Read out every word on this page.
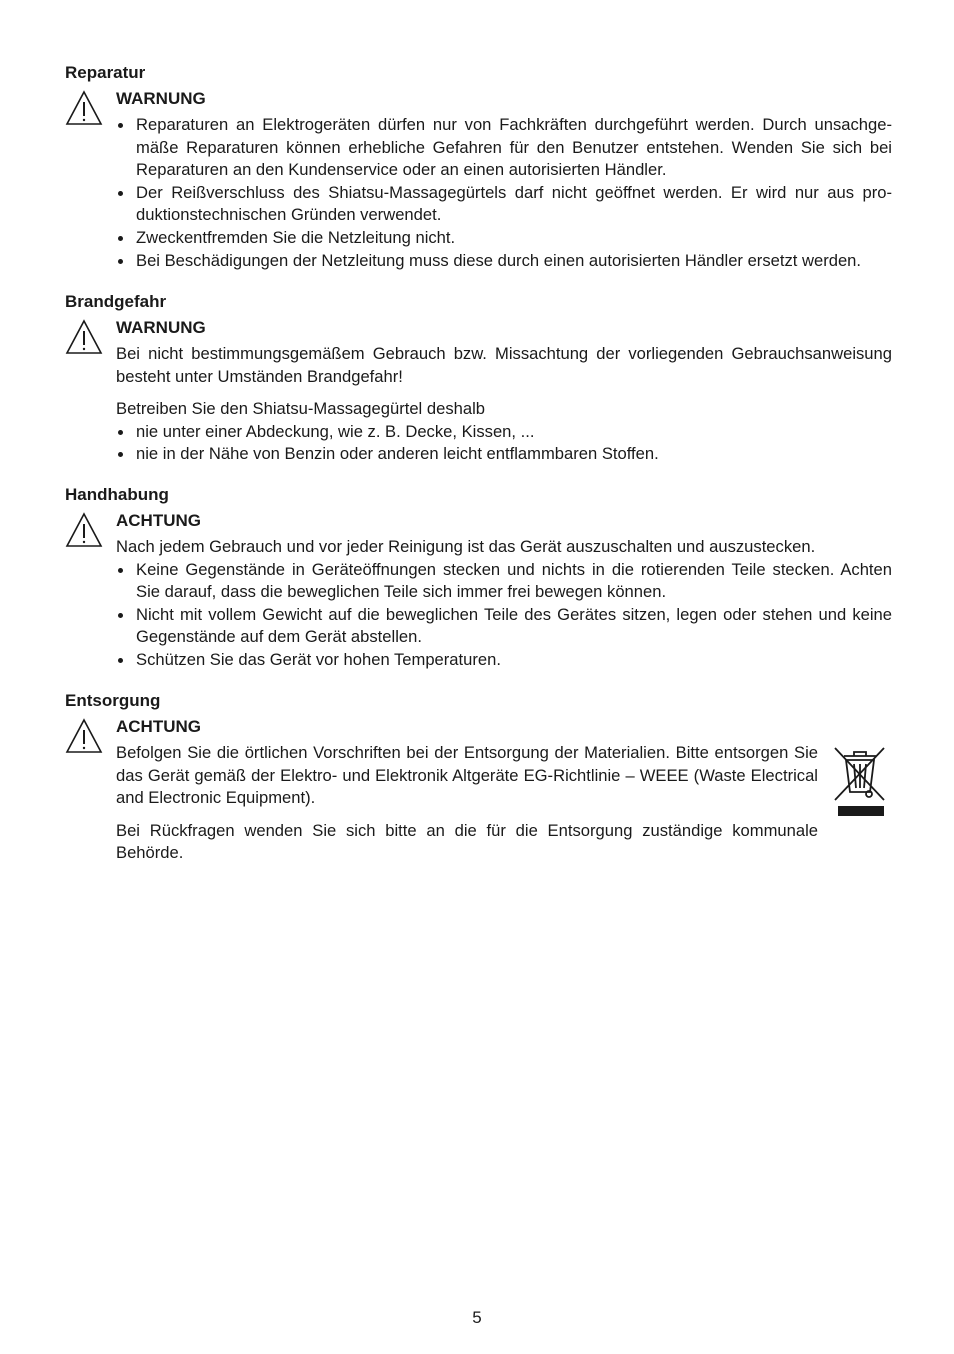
Reparatur
WARNUNG
Reparaturen an Elektrogeräten dürfen nur von Fachkräften durchgeführt werden. Durch unsachgemäße Reparaturen können erhebliche Gefahren für den Benutzer entstehen. Wenden Sie sich bei Reparaturen an den Kundenservice oder an einen autorisierten Händler.
Der Reißverschluss des Shiatsu-Massagegürtels darf nicht geöffnet werden. Er wird nur aus produktionstechnischen Gründen verwendet.
Zweckentfremden Sie die Netzleitung nicht.
Bei Beschädigungen der Netzleitung muss diese durch einen autorisierten Händler ersetzt werden.
Brandgefahr
WARNUNG

Bei nicht bestimmungsgemäßem Gebrauch bzw. Missachtung der vorliegenden Gebrauchsanweisung besteht unter Umständen Brandgefahr!

Betreiben Sie den Shiatsu-Massagegürtel deshalb

nie unter einer Abdeckung, wie z. B. Decke, Kissen, ...
nie in der Nähe von Benzin oder anderen leicht entflammbaren Stoffen.
Handhabung
ACHTUNG

Nach jedem Gebrauch und vor jeder Reinigung ist das Gerät auszuschalten und auszustecken.

Keine Gegenstände in Geräteöffnungen stecken und nichts in die rotierenden Teile stecken. Achten Sie darauf, dass die beweglichen Teile sich immer frei bewegen können.
Nicht mit vollem Gewicht auf die beweglichen Teile des Gerätes sitzen, legen oder stehen und keine Gegenstände auf dem Gerät abstellen.
Schützen Sie das Gerät vor hohen Temperaturen.
Entsorgung
ACHTUNG

Befolgen Sie die örtlichen Vorschriften bei der Entsorgung der Materialien. Bitte entsorgen Sie das Gerät gemäß der Elektro- und Elektronik Altgeräte EG-Richtlinie – WEEE (Waste Electrical and Electronic Equipment).

Bei Rückfragen wenden Sie sich bitte an die für die Entsorgung zuständige kommunale Behörde.

5
